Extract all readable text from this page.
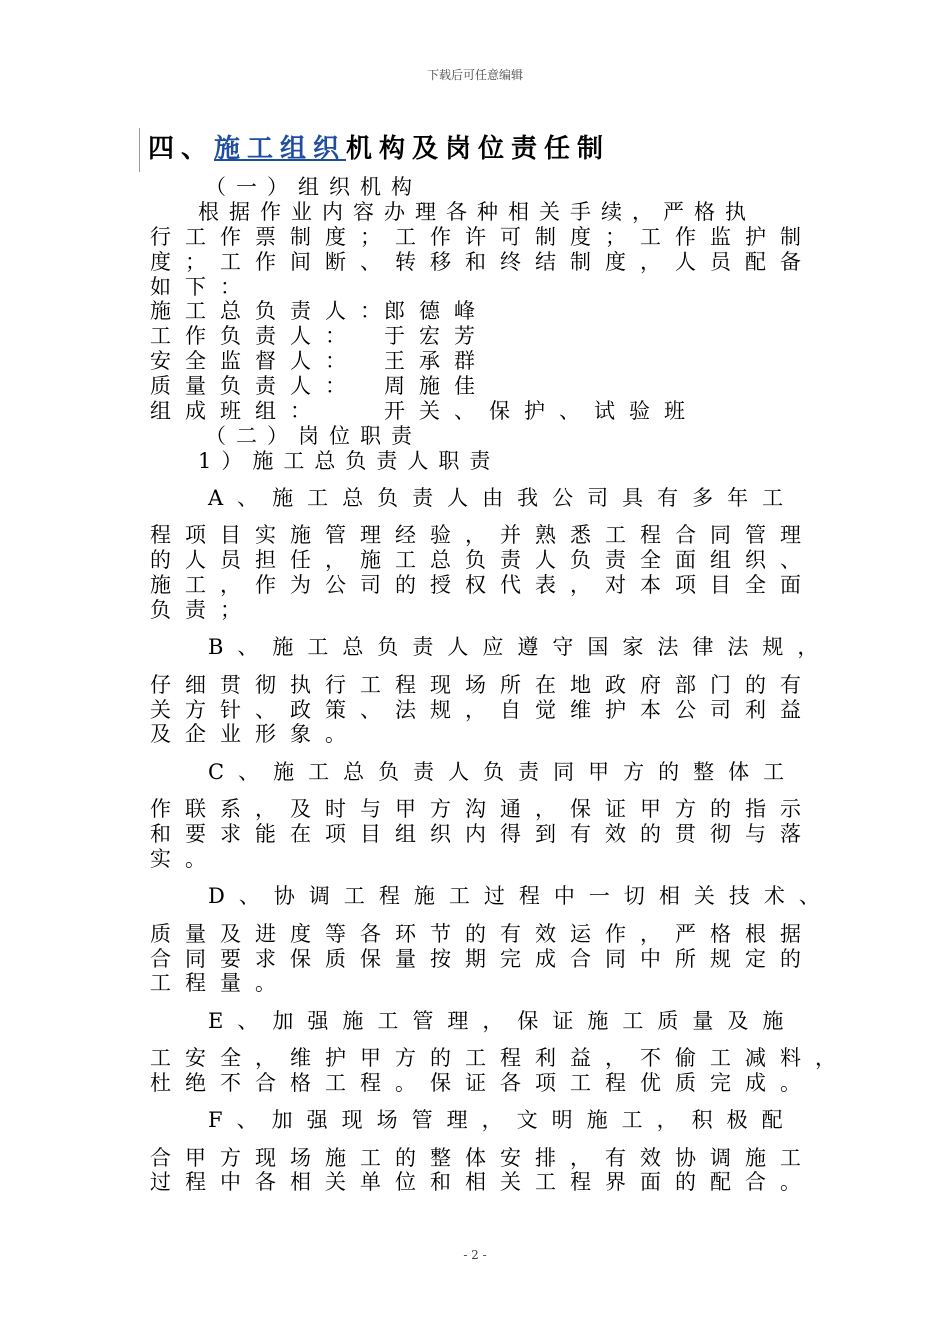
下载后可任意编辑
四、施工组织机构及岗位责任制
（一）组织机构
根据作业内容办理各种相关手续，严格执
行工作票制度；工作许可制度；工作监护制
度；工作间断、转移和终结制度，人员配备
如下：
施工总负责人：
郎德峰
工作负责人： 于宏芳
安全监督人： 王承群
质量负责人： 周施佳
组成班组：	开关、保护、试验班
（二）岗位职责
1）施工总负责人职责
A、施工总负责人由我公司具有多年工
程项目实施管理经验，并熟悉工程合同管理
的人员担任，施工总负责人负责全面组织、
施工，作为公司的授权代表，对本项目全面
负责；
B、施工总负责人应遵守国家法律法规，
仔细贯彻执行工程现场所在地政府部门的有
关方针、政策、法规，自觉维护本公司利益
及企业形象。
C、施工总负责人负责同甲方的整体工
作联系，及时与甲方沟通，保证甲方的指示
和要求能在项目组织内得到有效的贯彻与落
实。
D、协调工程施工过程中一切相关技术、
质量及进度等各环节的有效运作，严格根据
合同要求保质保量按期完成合同中所规定的
工程量。
E、加强施工管理，保证施工质量及施
工安全，维护甲方的工程利益，不偷工减料，
杜绝不合格工程。保证各项工程优质完成。
F、加强现场管理，文明施工，积极配
合甲方现场施工的整体安排，有效协调施工
过程中各相关单位和相关工程界面的配合。
- 2 -
